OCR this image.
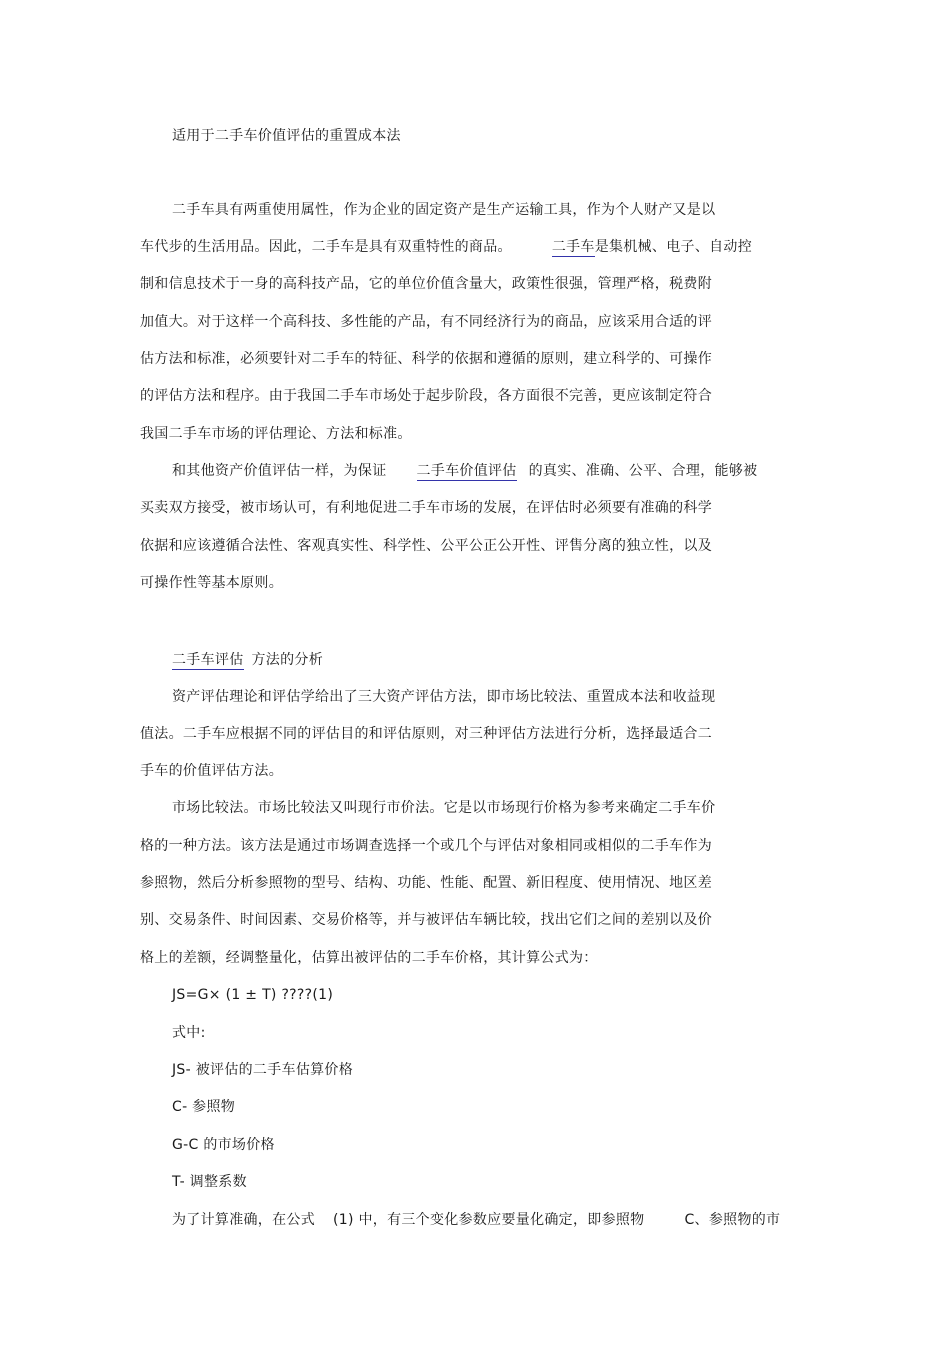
适用于二手车价值评估的重置成本法
二手车具有两重使用属性，作为企业的固定资产是生产运输工具，作为个人财产又是以
车代步的生活用品。因此，二手车是具有双重特性的商品。	二手车是集机械、电子、自动控
制和信息技术于一身的高科技产品，它的单位价值含量大，政策性很强，管理严格，税费附
加值大。对于这样一个高科技、多性能的产品，有不同经济行为的商品，应该采用合适的评
估方法和标准，必须要针对二手车的特征、科学的依据和遵循的原则，建立科学的、可操作
的评估方法和程序。由于我国二手车市场处于起步阶段，各方面很不完善，更应该制定符合
我国二手车市场的评估理论、方法和标准。
和其他资产价值评估一样，为保证 二手车价值评估 的真实、准确、公平、合理，能够被
买卖双方接受，被市场认可，有利地促进二手车市场的发展，在评估时必须要有准确的科学
依据和应该遵循合法性、客观真实性、科学性、公平公正公开性、评售分离的独立性，以及
可操作性等基本原则。
二手车评估 方法的分析
资产评估理论和评估学给出了三大资产评估方法，即市场比较法、重置成本法和收益现
值法。二手车应根据不同的评估目的和评估原则，对三种评估方法进行分析，选择最适合二
手车的价值评估方法。
市场比较法。市场比较法又叫现行市价法。它是以市场现行价格为参考来确定二手车价
格的一种方法。该方法是通过市场调查选择一个或几个与评估对象相同或相似的二手车作为
参照物，然后分析参照物的型号、结构、功能、性能、配置、新旧程度、使用情况、地区差
别、交易条件、时间因素、交易价格等，并与被评估车辆比较，找出它们之间的差别以及价
格上的差额，经调整量化，估算出被评估的二手车价格，其计算公式为：
JS=G× (1 ± T) ????(1)
式中:
JS- 被评估的二手车估算价格
C- 参照物
G-C 的市场价格
T- 调整系数
为了计算准确，在公式 (1) 中，有三个变化参数应要量化确定，即参照物	C、参照物的市
